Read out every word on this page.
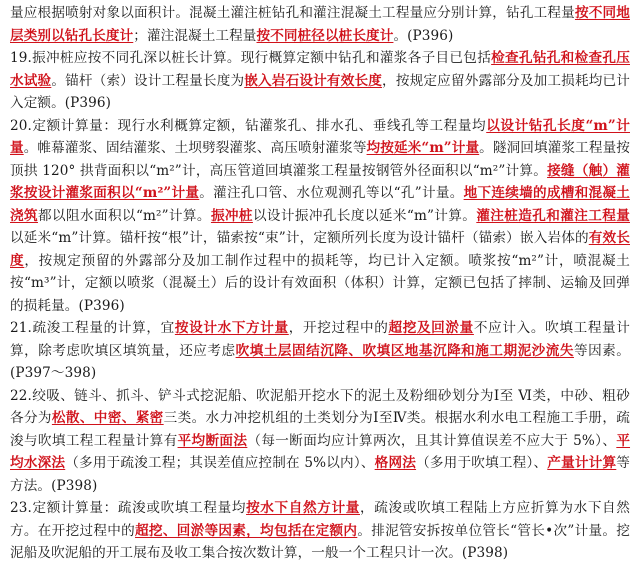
量应根据喷射对象以面积计。混凝土灌注桩钻孔和灌注混凝土工程量应分别计算，钻孔工程量按不同地层类别以钻孔长度计；灌注混凝土工程量按不同桩径以桩长度计。(P396)

19.振冲桩应按不同孔深以桩长计算。现行概算定额中钻孔和灌浆各子目已包括检查孔钻孔和检查孔压水试验。锚杆（索）设计工程量长度为嵌入岩石设计有效长度，按规定应留外露部分及加工损耗均已计入定额。(P396)

20.定额计算量：现行水利概算定额，钻灌浆孔、排水孔、垂线孔等工程量均以设计钻孔长度“m”计量。帷幕灌浆、固结灌浆、土坝劈裂灌浆、高压喷射灌浆等均按延米“m”计量。隧洞回填灌浆工程量按顶拱 120° 拱背面积以“m²”计，高压管道回填灌浆工程量按钢管外径面积以“m²”计算。接缝（触）灌浆按设计灌浆面积以“m²”计量。灌注孔口管、水位观测孔等以“孔”计量。地下连续墙的成槽和混凝土浇筑都以阻水面积以“m²”计算。振冲桩以设计振冲孔长度以延米“m”计算。灌注桩造孔和灌注工程量以延米“m”计算。锚杆按“根”计，锚索按“束”计，定额所列长度为设计锚杆（锚索）嵌入岩体的有效长度，按规定预留的外露部分及加工制作过程中的损耗等，均已计入定额。喷浆按“m²”计，喷混凝土按“m³”计，定额以喷浆（混凝土）后的设计有效面积（体积）计算，定额已包括了摔制、运输及回弹的损耗量。(P396)

21.疏浚工程量的计算，宜按设计水下方计量，开挖过程中的超挖及回淤量不应计入。吹填工程量计算，除考虑吹填区填筑量，还应考虑吹填土层固结沉降、吹填区地基沉降和施工期泥沙流失等因素。(P397～398)

22.绞吸、链斗、抓斗、铲斗式挖泥船、吹泥船开挖水下的泥土及粉细砂划分为Ⅰ至 Ⅵ类，中砂、粗砂各分为松散、中密、紧密三类。水力冲挖机组的土类划分为Ⅰ至Ⅳ类。根据水利水电工程施工手册，疏浚与吹填工程工程量计算有平均断面法（每一断面均应计算两次，且其计算值误差不应大于 5%）、平均水深法（多用于疏浚工程；其误差值应控制在 5%以内）、格网法（多用于吹填工程）、产量计计算等方法。(P398)

23.定额计算量：疏浚或吹填工程量均按水下自然方计量，疏浚或吹填工程陆上方应折算为水下自然方。在开挖过程中的超挖、回淤等因素，均包括在定额内。排泥管安拆按单位管长“管长•次”计量。挖泥船及吹泥船的开工展布及收工集合按次数计算，一般一个工程只计一次。(P398)
